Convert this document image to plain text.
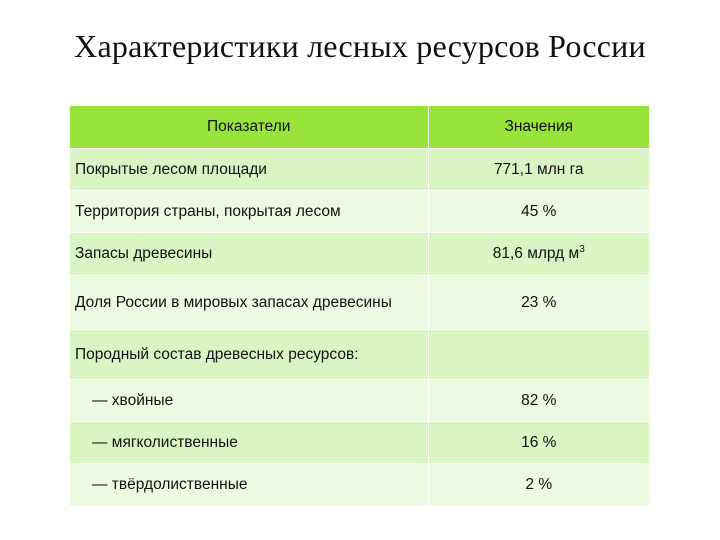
Характеристики лесных ресурсов России
Показатели	Значения
Покрытые лесом площади	771,1 млн га
Территория страны, покрытая лесом	45 %
Запасы древесины	81,6 млрд $м^3$
Доля России в мировых запасах древесины	23 %
Породный состав древесных ресурсов:	
— хвойные	82 %
— мягколиственные	16 %
— твёрдолиственные	2 %
